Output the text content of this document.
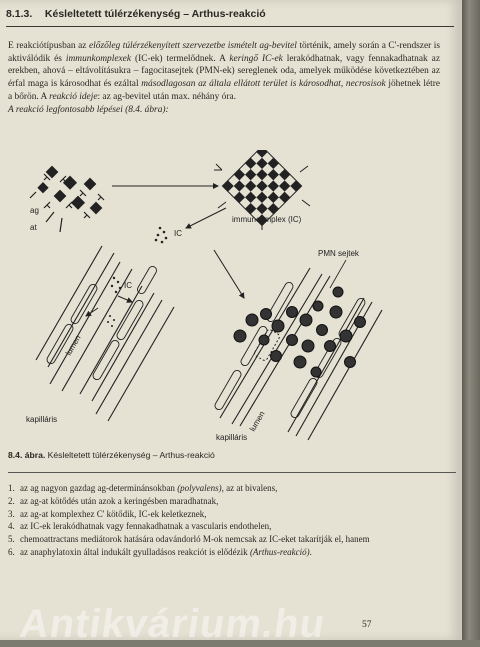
8.1.3. Késleltetett túlérzékenység – Arthus-reakció

E reakciótípusban az előzőleg túlérzékenyített szervezetbe ismételt ag-bevitel történik, amely során a C'-rendszer is aktiválódik és immunkomplexek (IC-ek) termelődnek. A keringő IC-ek lerakódhatnak, vagy fennakadhatnak az erekben, ahová – eltávolításukra – fagocitasejtek (PMN-ek) sereglenek oda, amelyek működése következtében az érfal maga is károsodhat és ezáltal másodlagosan az általa ellátott terület is károsodhat, necrosisok jöhetnek létre a bőrön. A reakció ideje: az ag-bevitel után max. néhány óra.

A reakció legfontosabb lépései (8.4. ábra):

ag
at
immuncomplex (IC)
IC
IC
lumen
kapilláris
PMN sejtek
lumen
kapilláris
8.4. ábra. Késleltetett túlérzékenység – Arthus-reakció
1. az ag nagyon gazdag ag-determinánsokban (polyvalens), az at bivalens,
2. az ag-at kötődés után azok a keringésben maradhatnak,
3. az ag-at komplexhez C' kötődik, IC-ek keletkeznek,
4. az IC-ek lerakódhatnak vagy fennakadhatnak a vascularis endothelen,
5. chemoattractans mediátorok hatására odavándorló M-ok nemcsak az IC-eket takarítják el, hanem
6. az anaphylatoxin által indukált gyulladásos reakciót is elődézik (Arthus-reakció).
Antikvárium.hu	57
